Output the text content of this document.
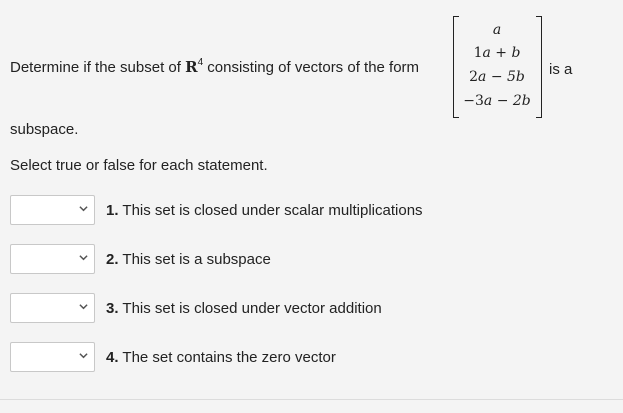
Determine if the subset of $R^4$ consisting of vectors of the form
a
1a + b
2a − 5b
−3a − 2b
is a
subspace.
Select true or false for each statement.
1. This set is closed under scalar multiplications
2. This set is a subspace
3. This set is closed under vector addition
4. The set contains the zero vector
